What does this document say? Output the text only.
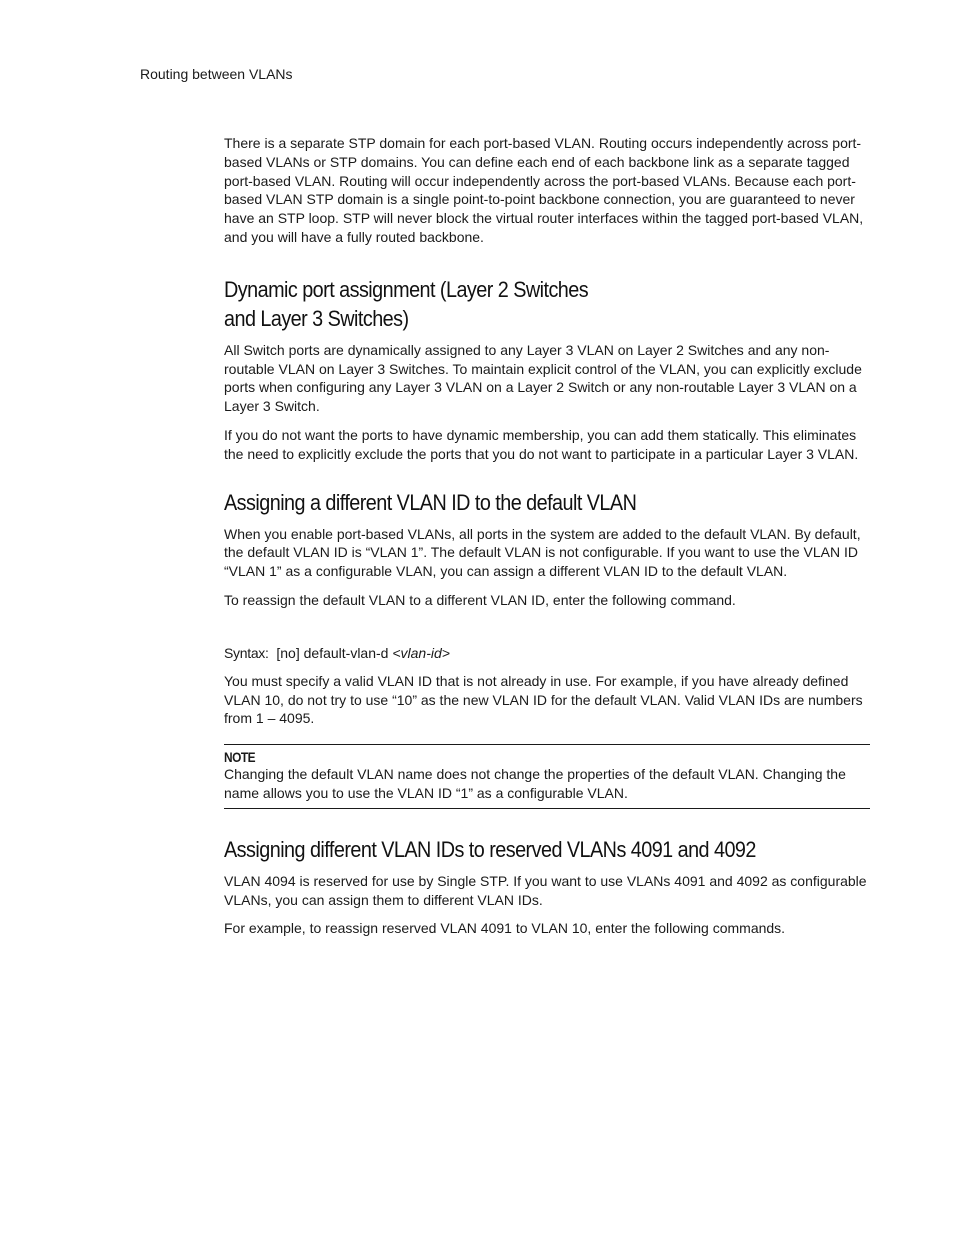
Routing between VLANs

There is a separate STP domain for each port-based VLAN. Routing occurs independently across port-based VLANs or STP domains. You can define each end of each backbone link as a separate tagged port-based VLAN. Routing will occur independently across the port-based VLANs. Because each port-based VLAN STP domain is a single point-to-point backbone connection, you are guaranteed to never have an STP loop. STP will never block the virtual router interfaces within the tagged port-based VLAN, and you will have a fully routed backbone.

Dynamic port assignment (Layer 2 Switches
and Layer 3 Switches)

All Switch ports are dynamically assigned to any Layer 3 VLAN on Layer 2 Switches and any non-routable VLAN on Layer 3 Switches. To maintain explicit control of the VLAN, you can explicitly exclude ports when configuring any Layer 3 VLAN on a Layer 2 Switch or any non-routable Layer 3 VLAN on a Layer 3 Switch.

If you do not want the ports to have dynamic membership, you can add them statically. This eliminates the need to explicitly exclude the ports that you do not want to participate in a particular Layer 3 VLAN.

Assigning a different VLAN ID to the default VLAN

When you enable port-based VLANs, all ports in the system are added to the default VLAN. By default, the default VLAN ID is “VLAN 1”. The default VLAN is not configurable. If you want to use the VLAN ID “VLAN 1” as a configurable VLAN, you can assign a different VLAN ID to the default VLAN.

To reassign the default VLAN to a different VLAN ID, enter the following command.

Syntax: [no] default-vlan-d <vlan-id>

You must specify a valid VLAN ID that is not already in use. For example, if you have already defined VLAN 10, do not try to use “10” as the new VLAN ID for the default VLAN. Valid VLAN IDs are numbers from 1 – 4095.

NOTE
Changing the default VLAN name does not change the properties of the default VLAN. Changing the name allows you to use the VLAN ID “1” as a configurable VLAN.
Assigning different VLAN IDs to reserved VLANs 4091 and 4092

VLAN 4094 is reserved for use by Single STP. If you want to use VLANs 4091 and 4092 as configurable VLANs, you can assign them to different VLAN IDs.

For example, to reassign reserved VLAN 4091 to VLAN 10, enter the following commands.
